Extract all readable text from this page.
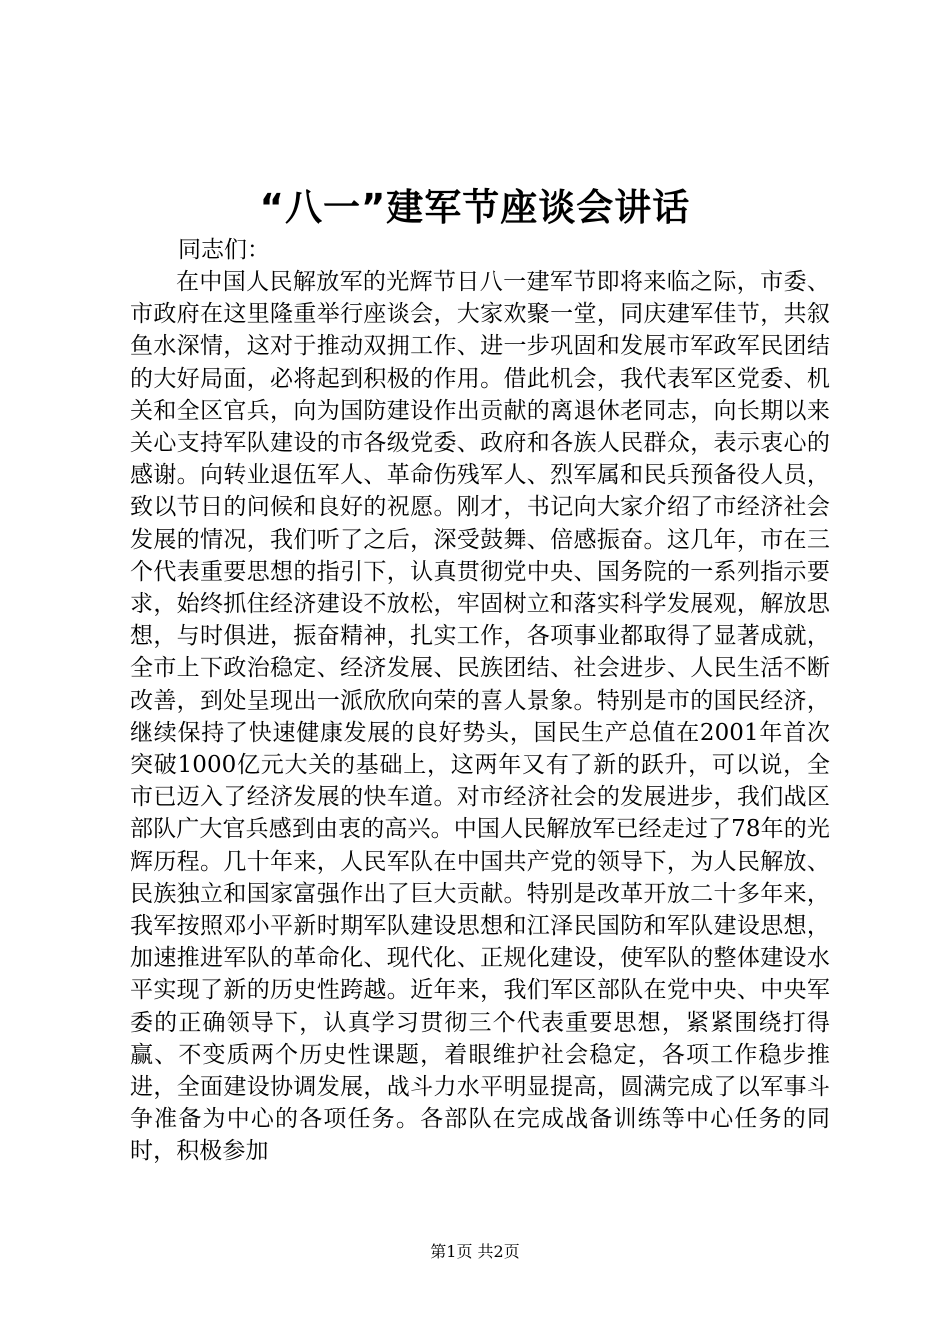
“八一”建军节座谈会讲话

同志们：

在中国人民解放军的光辉节日八一建军节即将来临之际，市委、市政府在这里隆重举行座谈会，大家欢聚一堂，同庆建军佳节，共叙鱼水深情，这对于推动双拥工作、进一步巩固和发展市军政军民团结的大好局面，必将起到积极的作用。借此机会，我代表军区党委、机关和全区官兵，向为国防建设作出贡献的离退休老同志，向长期以来关心支持军队建设的市各级党委、政府和各族人民群众，表示衷心的感谢。向转业退伍军人、革命伤残军人、烈军属和民兵预备役人员，致以节日的问候和良好的祝愿。刚才，书记向大家介绍了市经济社会发展的情况，我们听了之后，深受鼓舞、倍感振奋。这几年，市在三个代表重要思想的指引下，认真贯彻党中央、国务院的一系列指示要求，始终抓住经济建设不放松，牢固树立和落实科学发展观，解放思想，与时俱进，振奋精神，扎实工作，各项事业都取得了显著成就，全市上下政治稳定、经济发展、民族团结、社会进步、人民生活不断改善，到处呈现出一派欣欣向荣的喜人景象。特别是市的国民经济，继续保持了快速健康发展的良好势头，国民生产总值在2001年首次突破1000亿元大关的基础上，这两年又有了新的跃升，可以说，全市已迈入了经济发展的快车道。对市经济社会的发展进步，我们战区部队广大官兵感到由衷的高兴。中国人民解放军已经走过了78年的光辉历程。几十年来，人民军队在中国共产党的领导下，为人民解放、民族独立和国家富强作出了巨大贡献。特别是改革开放二十多年来，我军按照邓小平新时期军队建设思想和江泽民国防和军队建设思想，加速推进军队的革命化、现代化、正规化建设，使军队的整体建设水平实现了新的历史性跨越。近年来，我们军区部队在党中央、中央军委的正确领导下，认真学习贯彻三个代表重要思想，紧紧围绕打得赢、不变质两个历史性课题，着眼维护社会稳定，各项工作稳步推进，全面建设协调发展，战斗力水平明显提高，圆满完成了以军事斗争准备为中心的各项任务。各部队在完成战备训练等中心任务的同时，积极参加

第1页 共2页
